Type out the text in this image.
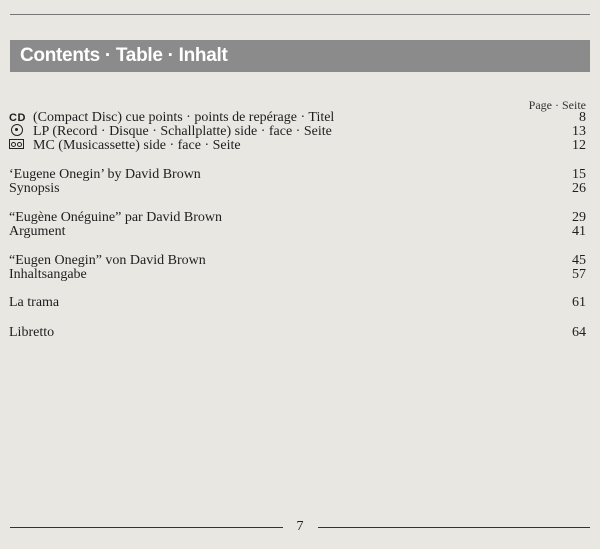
Contents · Table · Inhalt
Page · Seite
CD (Compact Disc) cue points · points de repérage · Titel	8
LP (Record · Disque · Schallplatte) side · face · Seite	13
MC (Musicassette) side · face · Seite	12
‘Eugene Onegin’ by David Brown	15
Synopsis	26
“Eugène Onéguine” par David Brown	29
Argument	41
“Eugen Onegin” von David Brown	45
Inhaltsangabe	57
La trama	61
Libretto	64
7
